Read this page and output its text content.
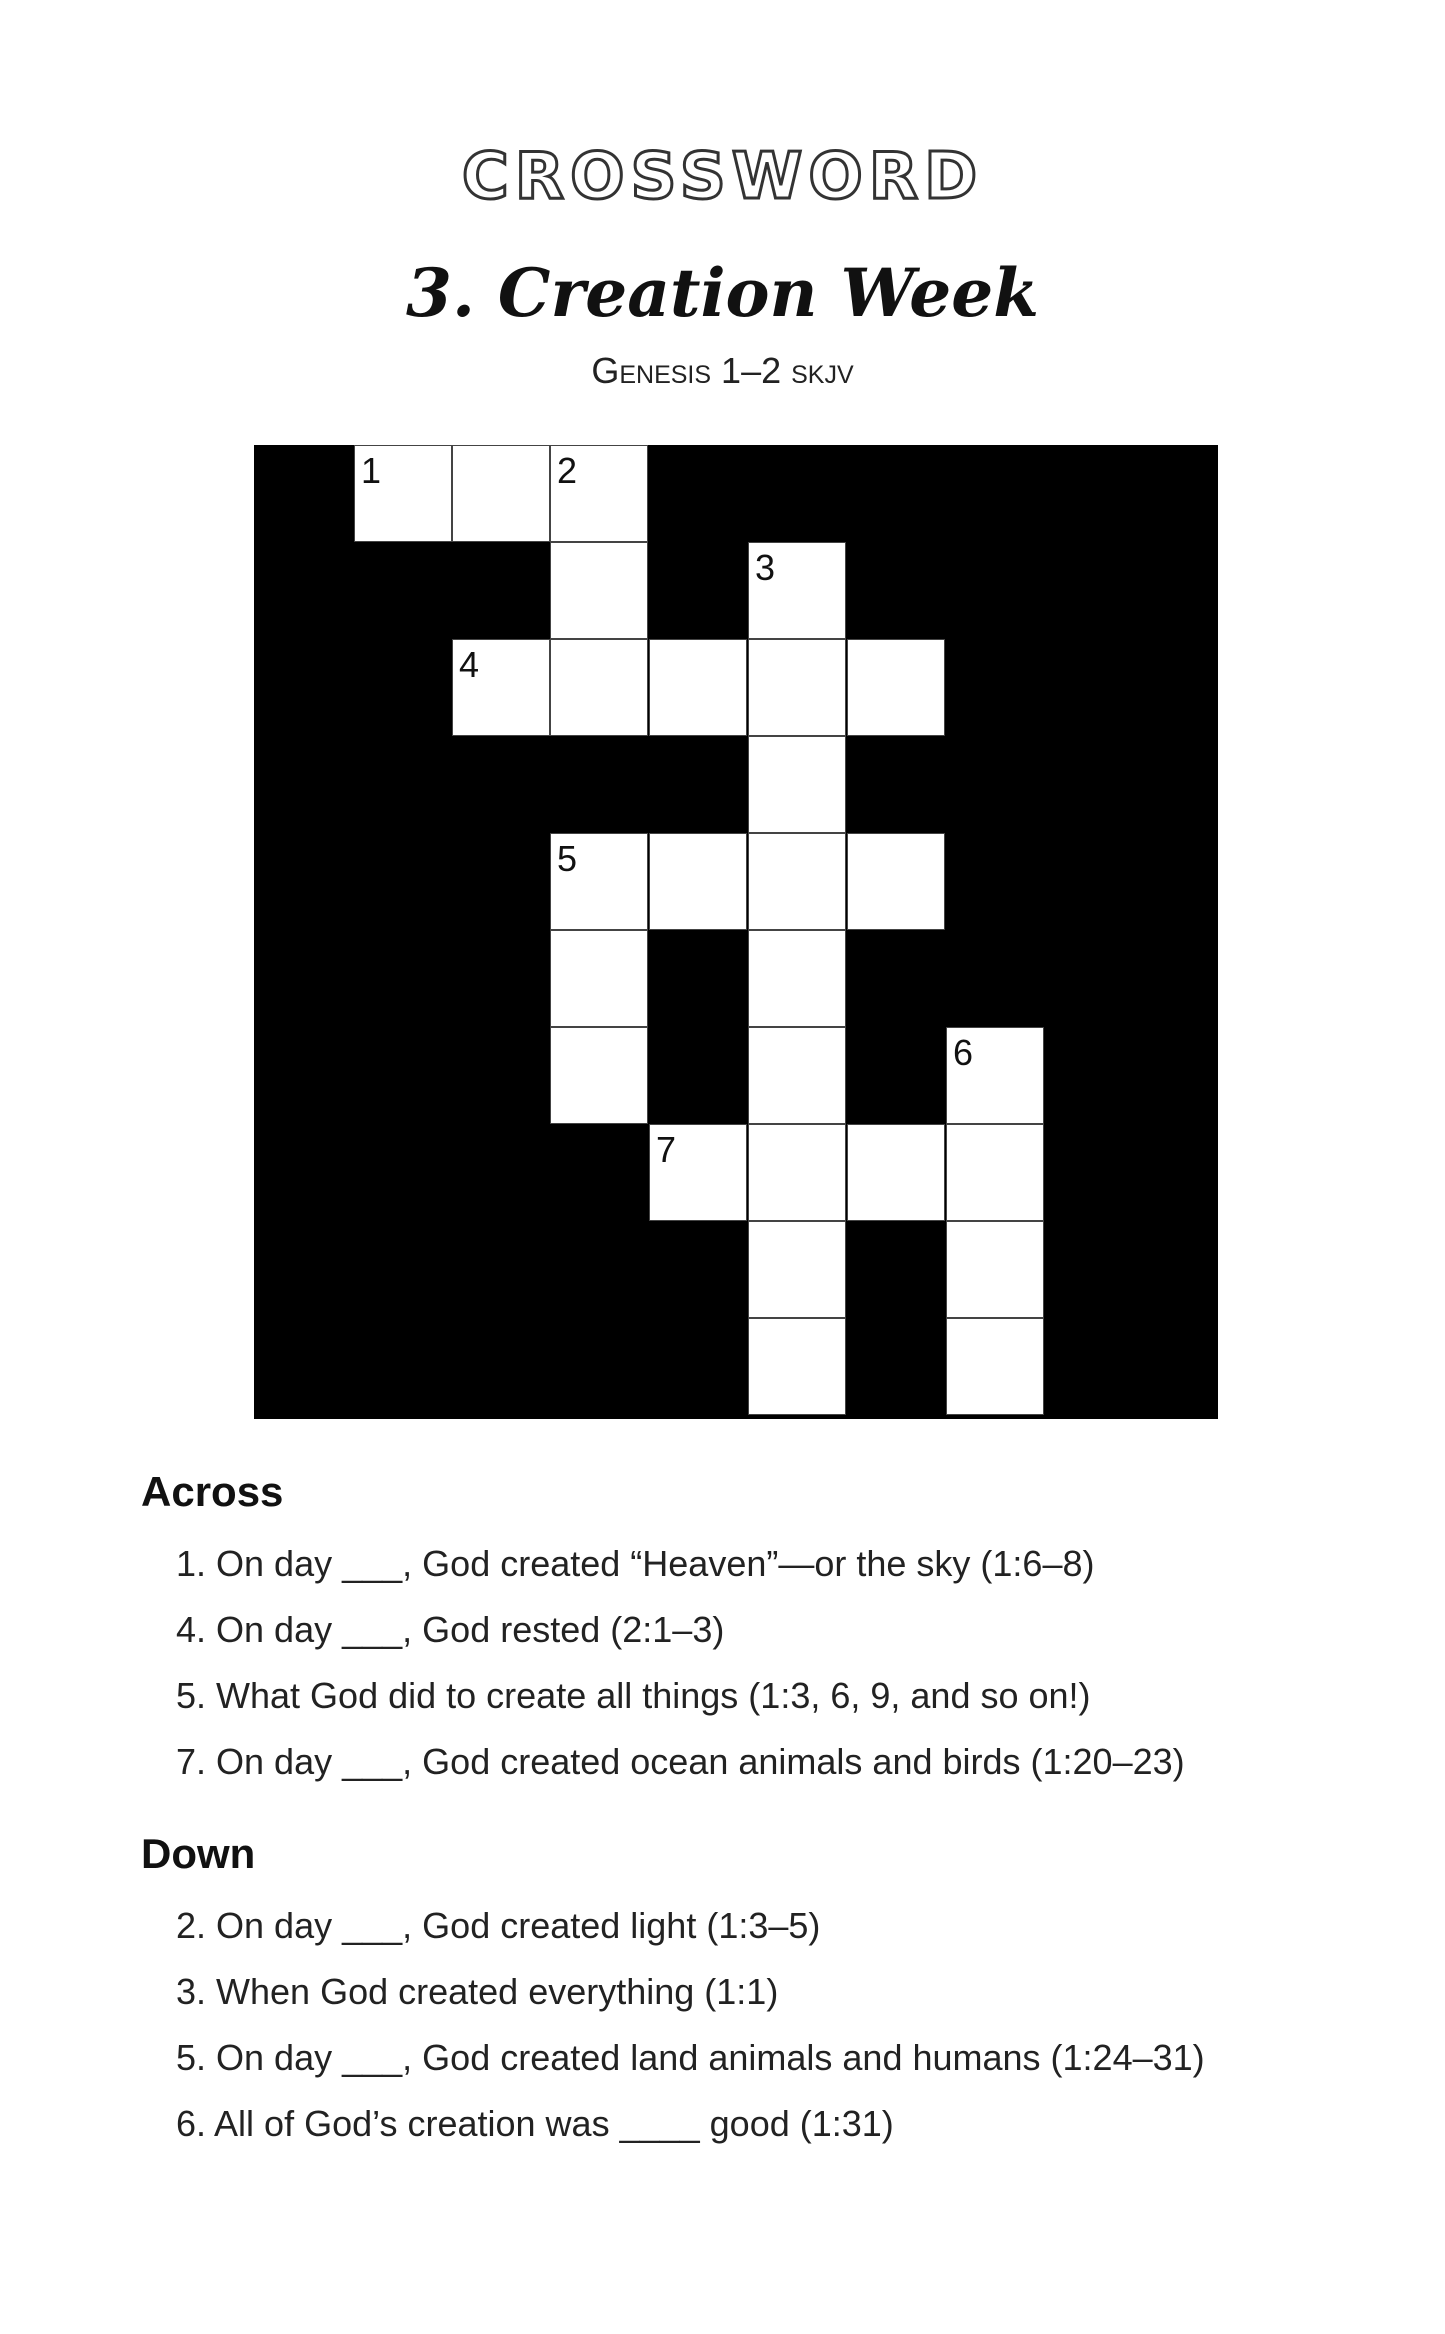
CROSSWORD
3. Creation Week
Genesis 1–2 skjv
1	2
3
4
5
6
7
Across
1. On day ___, God created “Heaven”—or the sky (1:6–8)
4. On day ___, God rested (2:1–3)
5. What God did to create all things (1:3, 6, 9, and so on!)
7. On day ___, God created ocean animals and birds (1:20–23)
Down
2. On day ___, God created light (1:3–5)
3. When God created everything (1:1)
5. On day ___, God created land animals and humans (1:24–31)
6. All of God’s creation was ____ good (1:31)
